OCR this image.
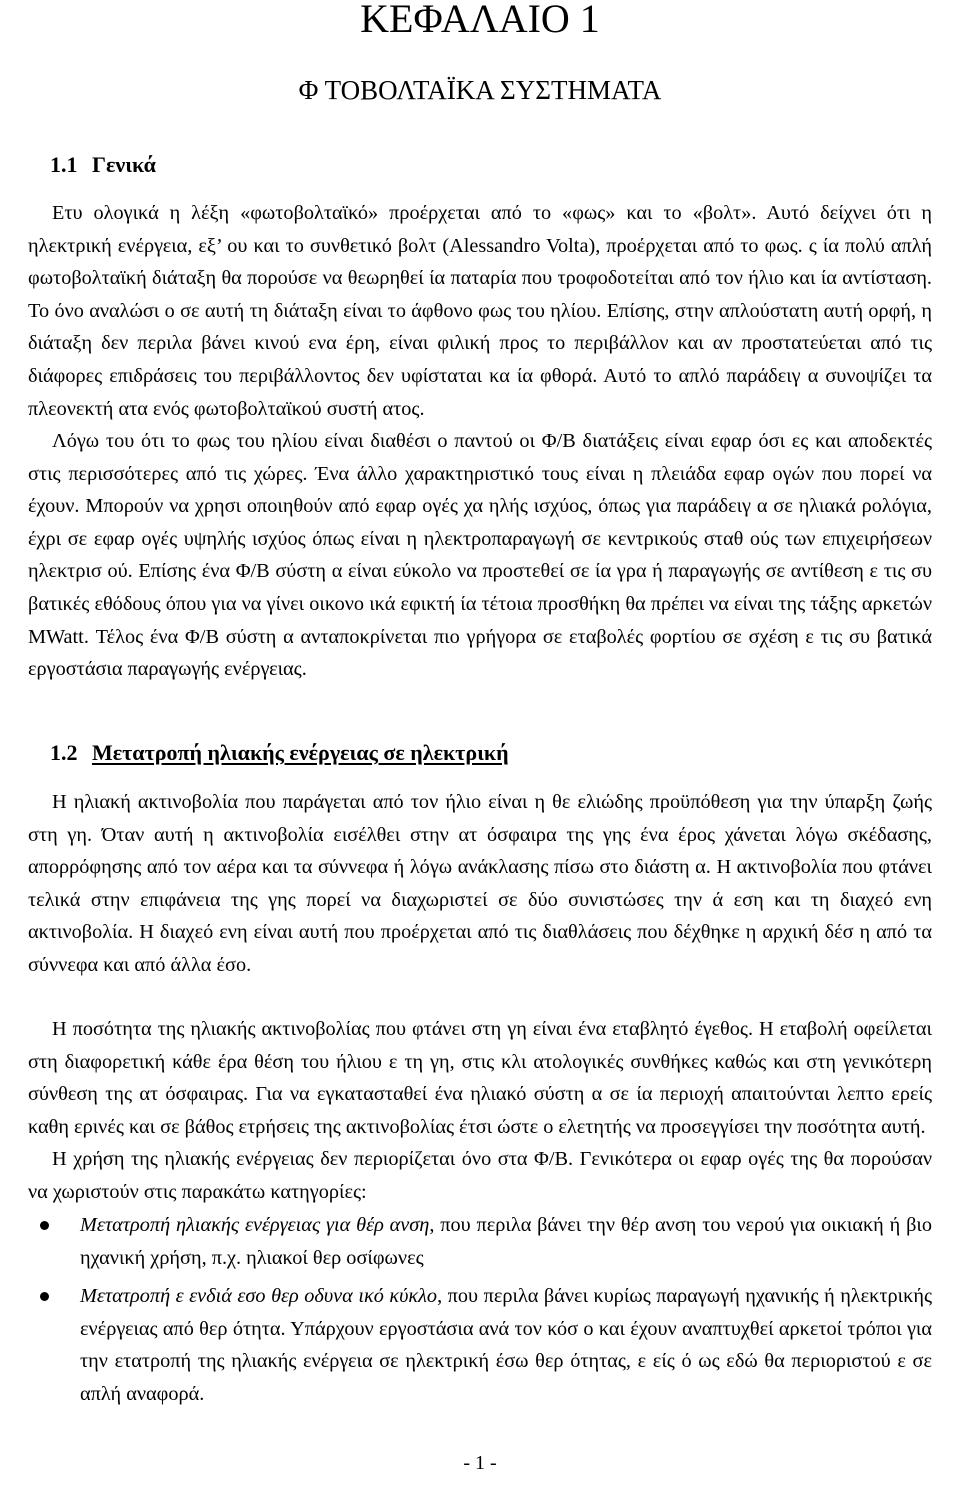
ΚΕΦΑΛΑΙΟ 1
Φ ΤΟΒΟΛΤΑΪΚΑ ΣΥΣΤΗΜΑΤΑ
1.1 Γενικά

Ετυ ολογικά η λέξη «φωτοβολταϊκό» προέρχεται από το «φως» και το «βολτ». Αυτό δείχνει ότι η ηλεκτρική ενέργεια, εξ’ ου και το συνθετικό βολτ (Alessandro Volta), προέρχεται από το φως. ς ία πολύ απλή φωτοβολταϊκή διάταξη θα πορούσε να θεωρηθεί ία παταρία που τροφοδοτείται από τον ήλιο και ία αντίσταση. Το όνο αναλώσι ο σε αυτή τη διάταξη είναι το άφθονο φως του ηλίου. Επίσης, στην απλούστατη αυτή ορφή, η διάταξη δεν περιλα βάνει κινού ενα έρη, είναι φιλική προς το περιβάλλον και αν προστατεύεται από τις διάφορες επιδράσεις του περιβάλλοντος δεν υφίσταται κα ία φθορά. Αυτό το απλό παράδειγ α συνοψίζει τα πλεονεκτή ατα ενός φωτοβολταϊκού συστή ατος.

Λόγω του ότι το φως του ηλίου είναι διαθέσι ο παντού οι Φ/Β διατάξεις είναι εφαρ όσι ες και αποδεκτές στις περισσότερες από τις χώρες. Ένα άλλο χαρακτηριστικό τους είναι η πλειάδα εφαρ ογών που πορεί να έχουν. Μπορούν να χρησι οποιηθούν από εφαρ ογές χα ηλής ισχύος, όπως για παράδειγ α σε ηλιακά ρολόγια, έχρι σε εφαρ ογές υψηλής ισχύος όπως είναι η ηλεκτροπαραγωγή σε κεντρικούς σταθ ούς των επιχειρήσεων ηλεκτρισ ού. Επίσης ένα Φ/Β σύστη α είναι εύκολο να προστεθεί σε ία γρα ή παραγωγής σε αντίθεση ε τις συ βατικές εθόδους όπου για να γίνει οικονο ικά εφικτή ία τέτοια προσθήκη θα πρέπει να είναι της τάξης αρκετών MWatt. Τέλος ένα Φ/Β σύστη α ανταποκρίνεται πιο γρήγορα σε εταβολές φορτίου σε σχέση ε τις συ βατικά εργοστάσια παραγωγής ενέργειας.

1.2 Μετατροπή ηλιακής ενέργειας σε ηλεκτρική

Η ηλιακή ακτινοβολία που παράγεται από τον ήλιο είναι η θε ελιώδης προϋπόθεση για την ύπαρξη ζωής στη γη. Όταν αυτή η ακτινοβολία εισέλθει στην ατ όσφαιρα της γης ένα έρος χάνεται λόγω σκέδασης, απορρόφησης από τον αέρα και τα σύννεφα ή λόγω ανάκλασης πίσω στο διάστη α. Η ακτινοβολία που φτάνει τελικά στην επιφάνεια της γης πορεί να διαχωριστεί σε δύο συνιστώσες την ά εση και τη διαχεό ενη ακτινοβολία. Η διαχεό ενη είναι αυτή που προέρχεται από τις διαθλάσεις που δέχθηκε η αρχική δέσ η από τα σύννεφα και από άλλα έσο.

Η ποσότητα της ηλιακής ακτινοβολίας που φτάνει στη γη είναι ένα εταβλητό έγεθος. Η εταβολή οφείλεται στη διαφορετική κάθε έρα θέση του ήλιου ε τη γη, στις κλι ατολογικές συνθήκες καθώς και στη γενικότερη σύνθεση της ατ όσφαιρας. Για να εγκατασταθεί ένα ηλιακό σύστη α σε ία περιοχή απαιτούνται λεπτο ερείς καθη ερινές και σε βάθος ετρήσεις της ακτινοβολίας έτσι ώστε ο ελετητής να προσεγγίσει την ποσότητα αυτή.

Η χρήση της ηλιακής ενέργειας δεν περιορίζεται όνο στα Φ/Β. Γενικότερα οι εφαρ ογές της θα πορούσαν να χωριστούν στις παρακάτω κατηγορίες:

Μετατροπή ηλιακής ενέργειας για θέρ ανση, που περιλα βάνει την θέρ ανση του νερού για οικιακή ή βιο ηχανική χρήση, π.χ. ηλιακοί θερ οσίφωνες
Μετατροπή ε ενδιά εσο θερ οδυνα ικό κύκλο, που περιλα βάνει κυρίως παραγωγή ηχανικής ή ηλεκτρικής ενέργειας από θερ ότητα. Υπάρχουν εργοστάσια ανά τον κόσ ο και έχουν αναπτυχθεί αρκετοί τρόποι για την ετατροπή της ηλιακής ενέργεια σε ηλεκτρική έσω θερ ότητας, ε είς ό ως εδώ θα περιοριστού ε σε απλή αναφορά.
- 1 -
